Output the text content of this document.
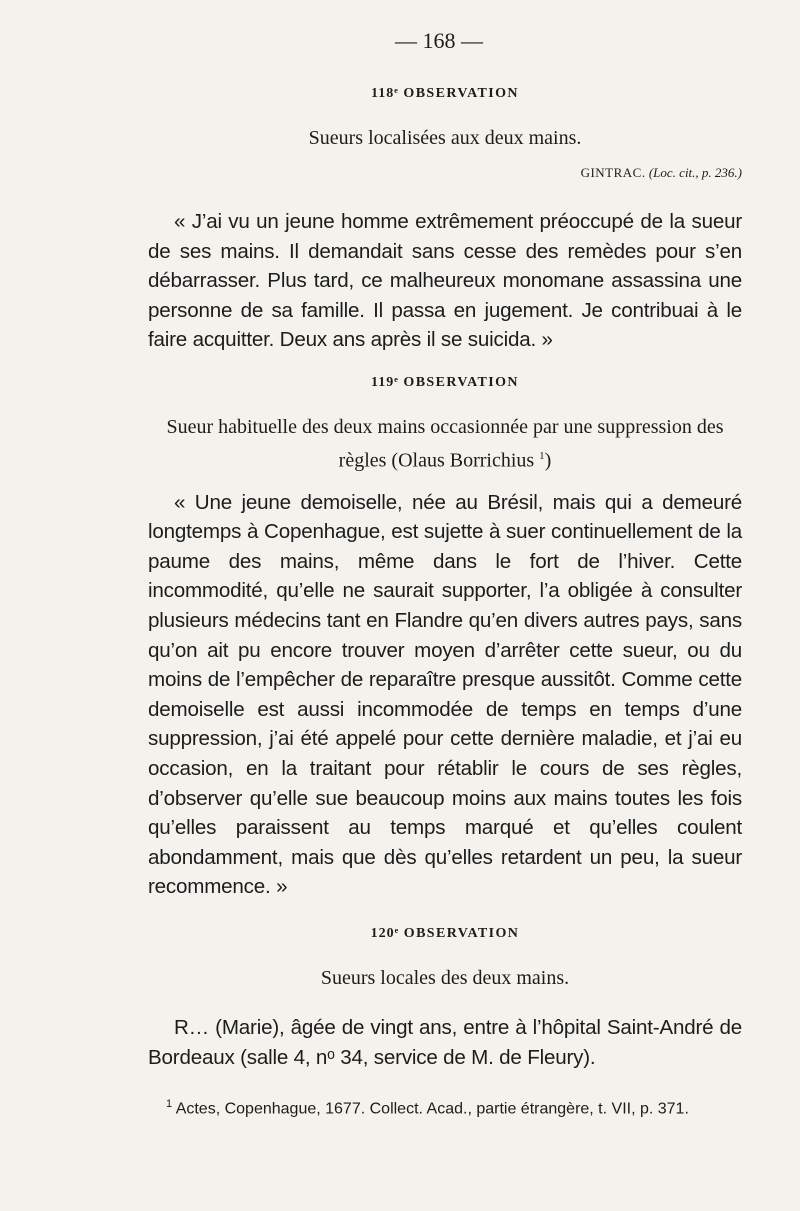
— 168 —
118ᵉ OBSERVATION
Sueurs localisées aux deux mains.
GINTRAC. (Loc. cit., p. 236.)

« J’ai vu un jeune homme extrêmement préoccupé de la sueur de ses mains. Il demandait sans cesse des remèdes pour s’en débarrasser. Plus tard, ce malheureux monomane assassina une personne de sa famille. Il passa en jugement. Je contribuai à le faire acquitter. Deux ans après il se suicida. »

119ᵉ OBSERVATION
Sueur habituelle des deux mains occasionnée par une suppression des règles (Olaus Borrichius $^1$)

« Une jeune demoiselle, née au Brésil, mais qui a demeuré longtemps à Copenhague, est sujette à suer continuellement de la paume des mains, même dans le fort de l’hiver. Cette incommodité, qu’elle ne saurait supporter, l’a obligée à consulter plusieurs médecins tant en Flandre qu’en divers autres pays, sans qu’on ait pu encore trouver moyen d’arrêter cette sueur, ou du moins de l’empêcher de reparaître presque aussitôt. Comme cette demoiselle est aussi incommodée de temps en temps d’une suppression, j’ai été appelé pour cette dernière maladie, et j’ai eu occasion, en la traitant pour rétablir le cours de ses règles, d’observer qu’elle sue beaucoup moins aux mains toutes les fois qu’elles paraissent au temps marqué et qu’elles coulent abondamment, mais que dès qu’elles retardent un peu, la sueur recommence. »

120ᵉ OBSERVATION
Sueurs locales des deux mains.

R… (Marie), âgée de vingt ans, entre à l’hôpital Saint-André de Bordeaux (salle 4, nᵒ 34, service de M. de Fleury).

$^1$ Actes, Copenhague, 1677. Collect. Acad., partie étrangère, t. VII, p. 371.
